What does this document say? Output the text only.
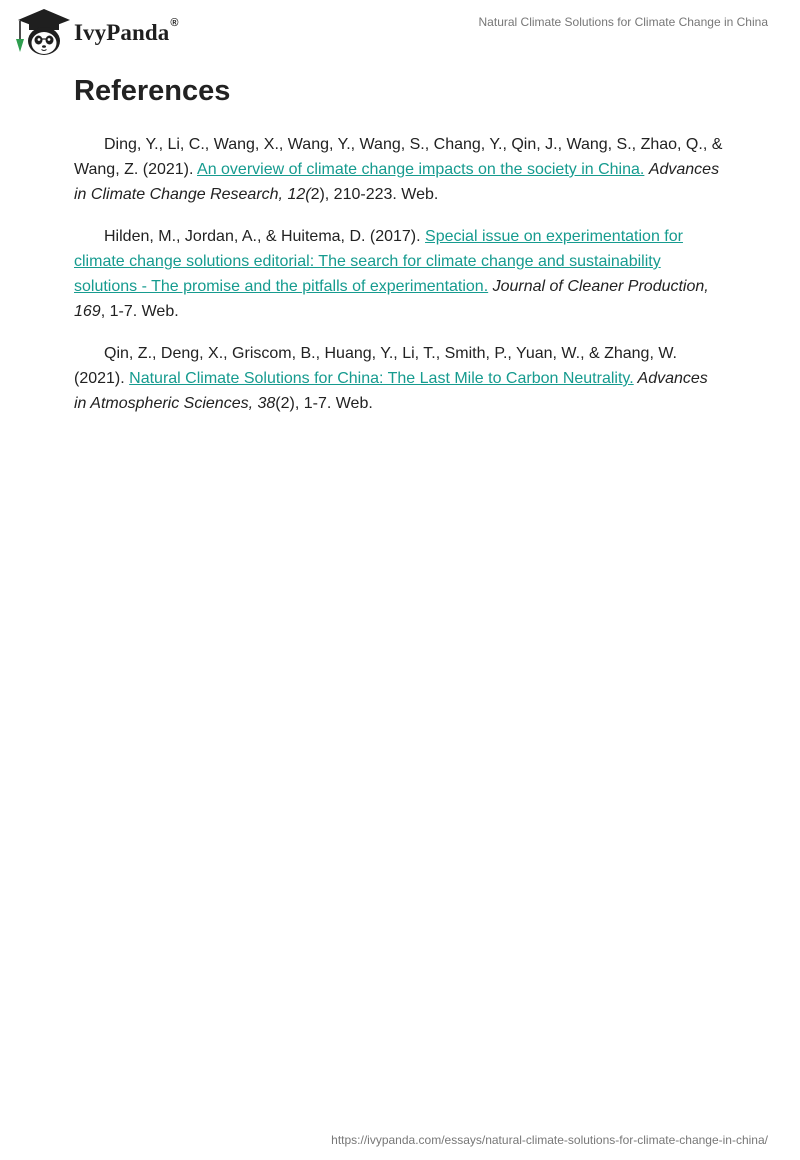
IvyPanda®	Natural Climate Solutions for Climate Change in China
References

Ding, Y., Li, C., Wang, X., Wang, Y., Wang, S., Chang, Y., Qin, J., Wang, S., Zhao, Q., & Wang, Z. (2021). An overview of climate change impacts on the society in China. Advances in Climate Change Research, 12(2), 210-223. Web.

Hilden, M., Jordan, A., & Huitema, D. (2017). Special issue on experimentation for climate change solutions editorial: The search for climate change and sustainability solutions - The promise and the pitfalls of experimentation. Journal of Cleaner Production, 169, 1-7. Web.

Qin, Z., Deng, X., Griscom, B., Huang, Y., Li, T., Smith, P., Yuan, W., & Zhang, W. (2021). Natural Climate Solutions for China: The Last Mile to Carbon Neutrality. Advances in Atmospheric Sciences, 38(2), 1-7. Web.

https://ivypanda.com/essays/natural-climate-solutions-for-climate-change-in-china/
